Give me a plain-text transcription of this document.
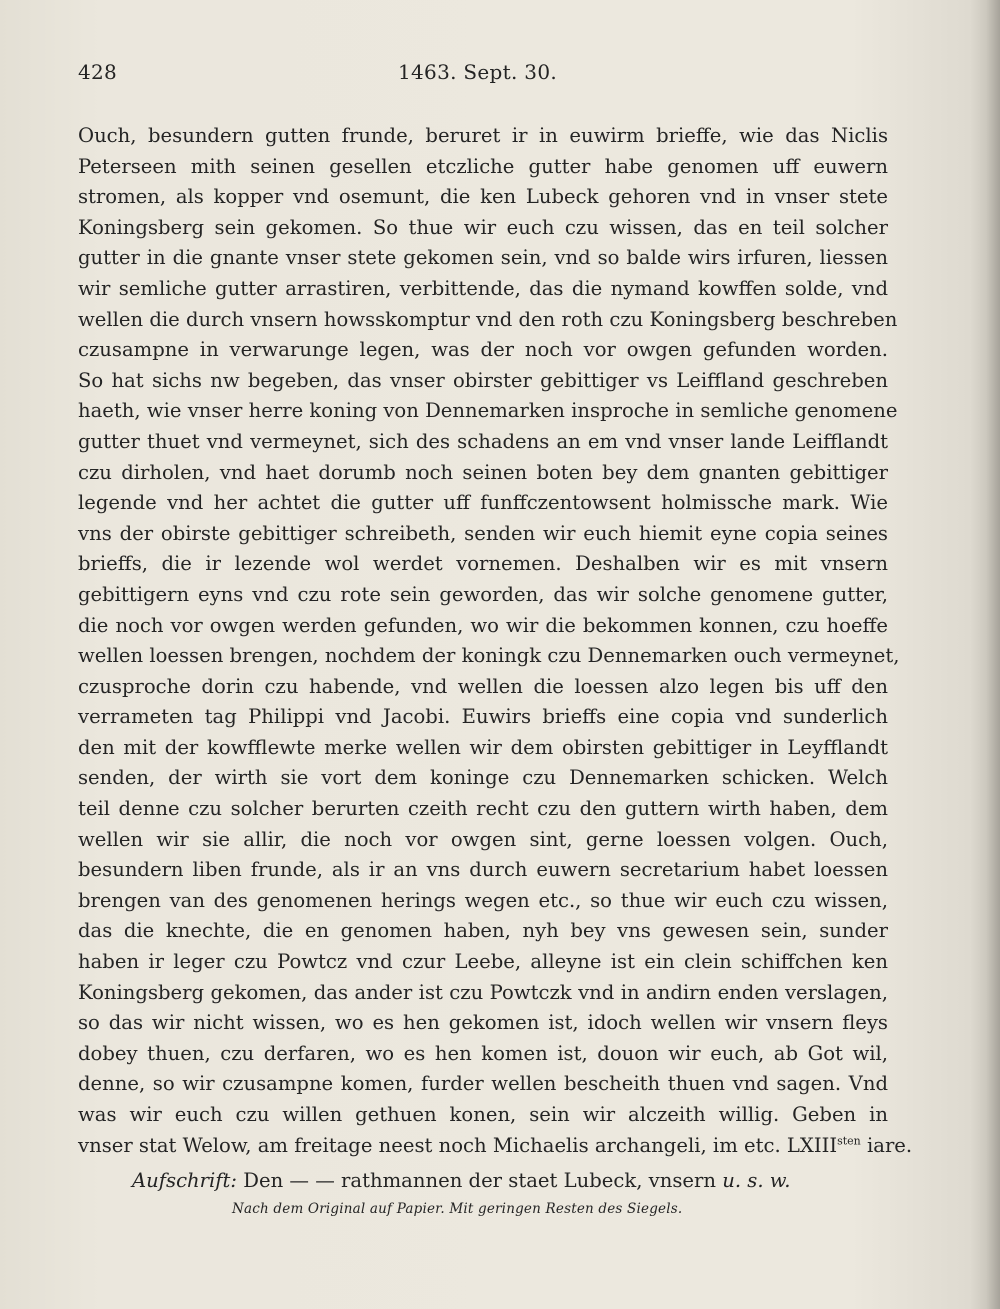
428	1463. Sept. 30.
Ouch, besundern gutten frunde, beruret ir in euwirm brieffe, wie das Niclis
Peterseen mith seinen gesellen etczliche gutter habe genomen uff euwern
stromen, als kopper vnd osemunt, die ken Lubeck gehoren vnd in vnser stete
Koningsberg sein gekomen. So thue wir euch czu wissen, das en teil solcher
gutter in die gnante vnser stete gekomen sein, vnd so balde wirs irfuren, liessen
wir semliche gutter arrastiren, verbittende, das die nymand kowffen solde, vnd
wellen die durch vnsern howsskomptur vnd den roth czu Koningsberg beschreben
czusampne in verwarunge legen, was der noch vor owgen gefunden worden.
So hat sichs nw begeben, das vnser obirster gebittiger vs Leiffland geschreben
haeth, wie vnser herre koning von Dennemarken insproche in semliche genomene
gutter thuet vnd vermeynet, sich des schadens an em vnd vnser lande Leifflandt
czu dirholen, vnd haet dorumb noch seinen boten bey dem gnanten gebittiger
legende vnd her achtet die gutter uff funffczentowsent holmissche mark. Wie
vns der obirste gebittiger schreibeth, senden wir euch hiemit eyne copia seines
brieffs, die ir lezende wol werdet vornemen. Deshalben wir es mit vnsern
gebittigern eyns vnd czu rote sein geworden, das wir solche genomene gutter,
die noch vor owgen werden gefunden, wo wir die bekommen konnen, czu hoeffe
wellen loessen brengen, nochdem der koningk czu Dennemarken ouch vermeynet,
czusproche dorin czu habende, vnd wellen die loessen alzo legen bis uff den
verrameten tag Philippi vnd Jacobi. Euwirs brieffs eine copia vnd sunderlich
den mit der kowfflewte merke wellen wir dem obirsten gebittiger in Leyfflandt
senden, der wirth sie vort dem koninge czu Dennemarken schicken. Welch
teil denne czu solcher berurten czeith recht czu den guttern wirth haben, dem
wellen wir sie allir, die noch vor owgen sint, gerne loessen volgen. Ouch,
besundern liben frunde, als ir an vns durch euwern secretarium habet loessen
brengen van des genomenen herings wegen etc., so thue wir euch czu wissen,
das die knechte, die en genomen haben, nyh bey vns gewesen sein, sunder
haben ir leger czu Powtcz vnd czur Leebe, alleyne ist ein clein schiffchen ken
Koningsberg gekomen, das ander ist czu Powtczk vnd in andirn enden verslagen,
so das wir nicht wissen, wo es hen gekomen ist, idoch wellen wir vnsern fleys
dobey thuen, czu derfaren, wo es hen komen ist, douon wir euch, ab Got wil,
denne, so wir czusampne komen, furder wellen bescheith thuen vnd sagen. Vnd
was wir euch czu willen gethuen konen, sein wir alczeith willig. Geben in
vnser stat Welow, am freitage neest noch Michaelis archangeli, im etc. $LXIII^{sten}$ iare.
Aufschrift: Den — — rathmannen der staet Lubeck, vnsern u. s. w.
Nach dem Original auf Papier. Mit geringen Resten des Siegels.
